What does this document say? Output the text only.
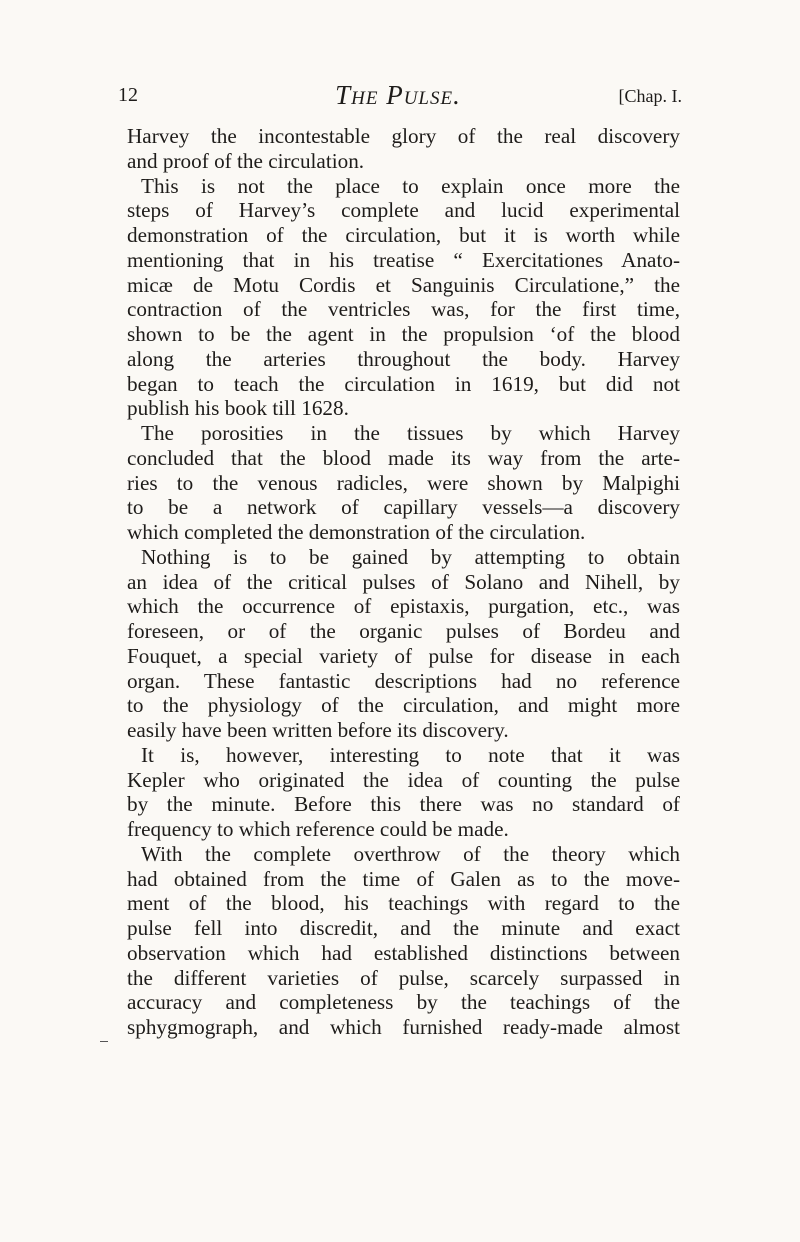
12	The Pulse.	[Chap. I.
Harvey the incontestable glory of the real discovery
and proof of the circulation.
This is not the place to explain once more the
steps of Harvey’s complete and lucid experimental
demonstration of the circulation, but it is worth while
mentioning that in his treatise “ Exercitationes Anato-
micæ de Motu Cordis et Sanguinis Circulatione,” the
contraction of the ventricles was, for the first time,
shown to be the agent in the propulsion ‘of the blood
along the arteries throughout the body. Harvey
began to teach the circulation in 1619, but did not
publish his book till 1628.
The porosities in the tissues by which Harvey
concluded that the blood made its way from the arte-
ries to the venous radicles, were shown by Malpighi
to be a network of capillary vessels—a discovery
which completed the demonstration of the circulation.
Nothing is to be gained by attempting to obtain
an idea of the critical pulses of Solano and Nihell, by
which the occurrence of epistaxis, purgation, etc., was
foreseen, or of the organic pulses of Bordeu and
Fouquet, a special variety of pulse for disease in each
organ. These fantastic descriptions had no reference
to the physiology of the circulation, and might more
easily have been written before its discovery.
It is, however, interesting to note that it was
Kepler who originated the idea of counting the pulse
by the minute. Before this there was no standard of
frequency to which reference could be made.
With the complete overthrow of the theory which
had obtained from the time of Galen as to the move-
ment of the blood, his teachings with regard to the
pulse fell into discredit, and the minute and exact
observation which had established distinctions between
the different varieties of pulse, scarcely surpassed in
accuracy and completeness by the teachings of the
sphygmograph, and which furnished ready-made almost
